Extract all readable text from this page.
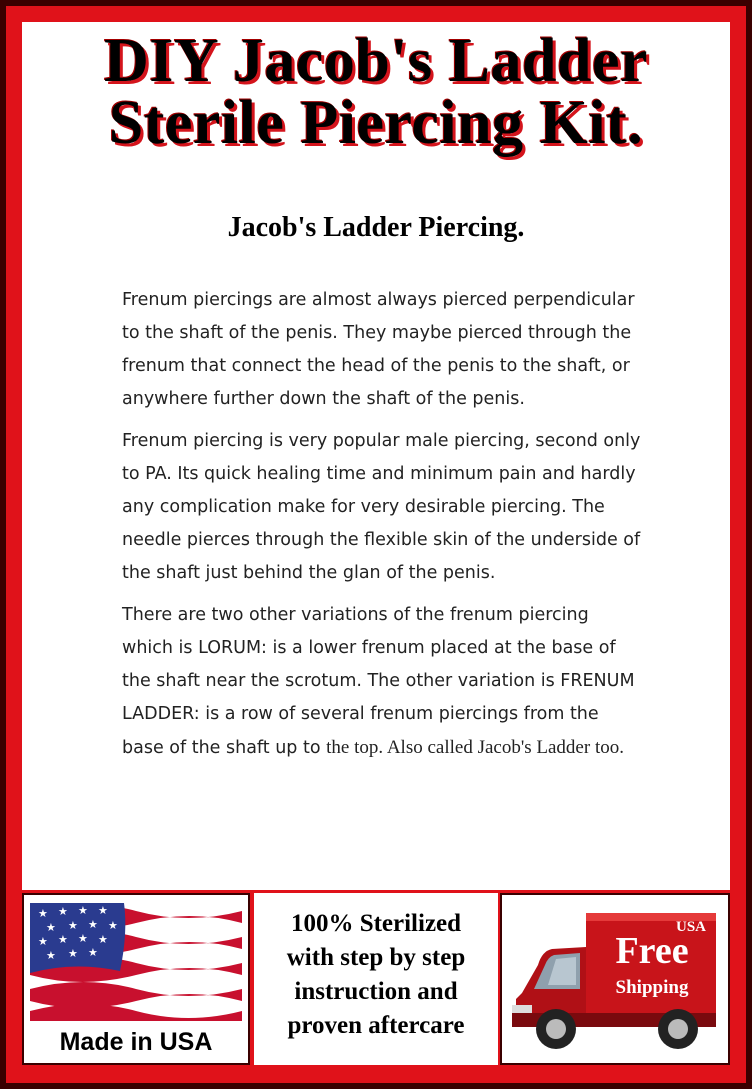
DIY Jacob's Ladder
Sterile Piercing Kit.
Jacob's Ladder Piercing.

Frenum piercings are almost always pierced perpendicular to the shaft of the penis. They maybe pierced through the frenum that connect the head of the penis to the shaft, or anywhere further down the shaft of the penis.

Frenum piercing is very popular male piercing, second only to PA. Its quick healing time and minimum pain and hardly any complication make for very desirable piercing. The needle pierces through the flexible skin of the underside of the shaft just behind the glan of the penis.

There are two other variations of the frenum piercing which is LORUM: is a lower frenum placed at the base of the shaft near the scrotum. The other variation is FRENUM LADDER: is a row of several frenum piercings from the base of the shaft up to the top. Also called Jacob's Ladder too.

★ ★ ★ ★
★ ★ ★ ★
★ ★ ★ ★
★ ★ ★
Made in USA
100% Sterilized
with step by step
instruction and
proven aftercare
USA
Free
Shipping
